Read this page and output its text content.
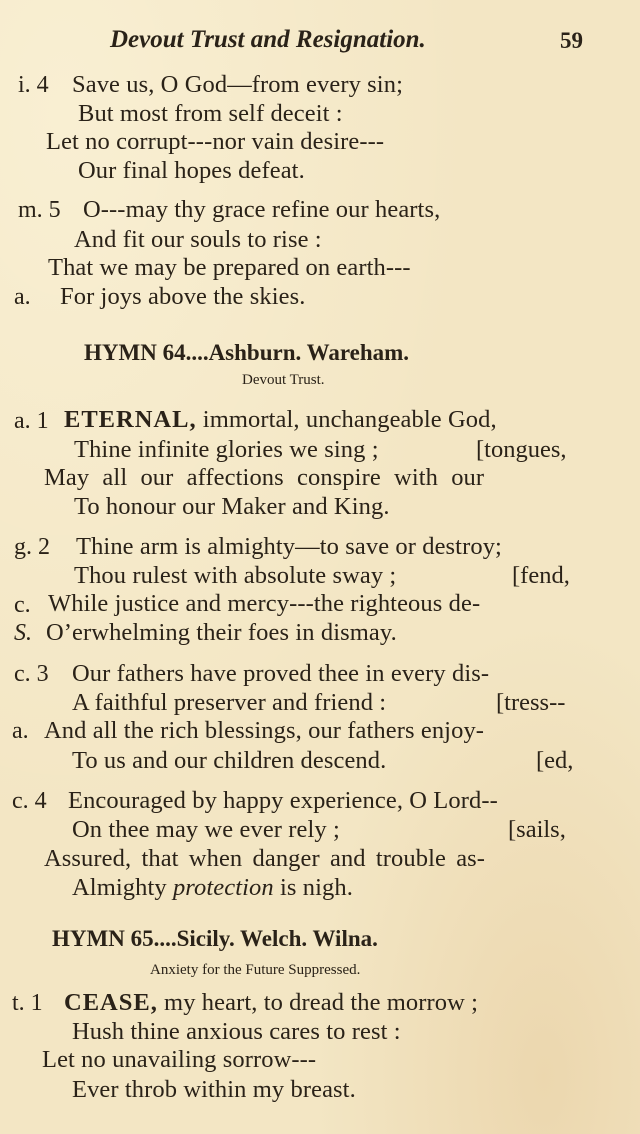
Devout Trust and Resignation.	59
i. 4 Save us, O God—from every sin;
But most from self deceit :
Let no corrupt---nor vain desire---
Our final hopes defeat.
m. 5 O---may thy grace refine our hearts,
And fit our souls to rise :
That we may be prepared on earth---
a. For joys above the skies.
HYMN 64....Ashburn. Wareham.
Devout Trust.
a. 1 ETERNAL, immortal, unchangeable God,
Thine infinite glories we sing ;	[tongues,
May all our affections conspire with our
To honour our Maker and King.
g. 2 Thine arm is almighty—to save or destroy;
Thou rulest with absolute sway ;	[fend,
c. While justice and mercy---the righteous de-
S. O’erwhelming their foes in dismay.
c. 3 Our fathers have proved thee in every dis-
A faithful preserver and friend :	[tress--
a. And all the rich blessings, our fathers enjoy-
To us and our children descend.	[ed,
c. 4 Encouraged by happy experience, O Lord--
On thee may we ever rely ;	[sails,
Assured, that when danger and trouble as-
Almighty protection is nigh.
HYMN 65....Sicily. Welch. Wilna.
Anxiety for the Future Suppressed.
t. 1 CEASE, my heart, to dread the morrow ;
Hush thine anxious cares to rest :
Let no unavailing sorrow---
Ever throb within my breast.
